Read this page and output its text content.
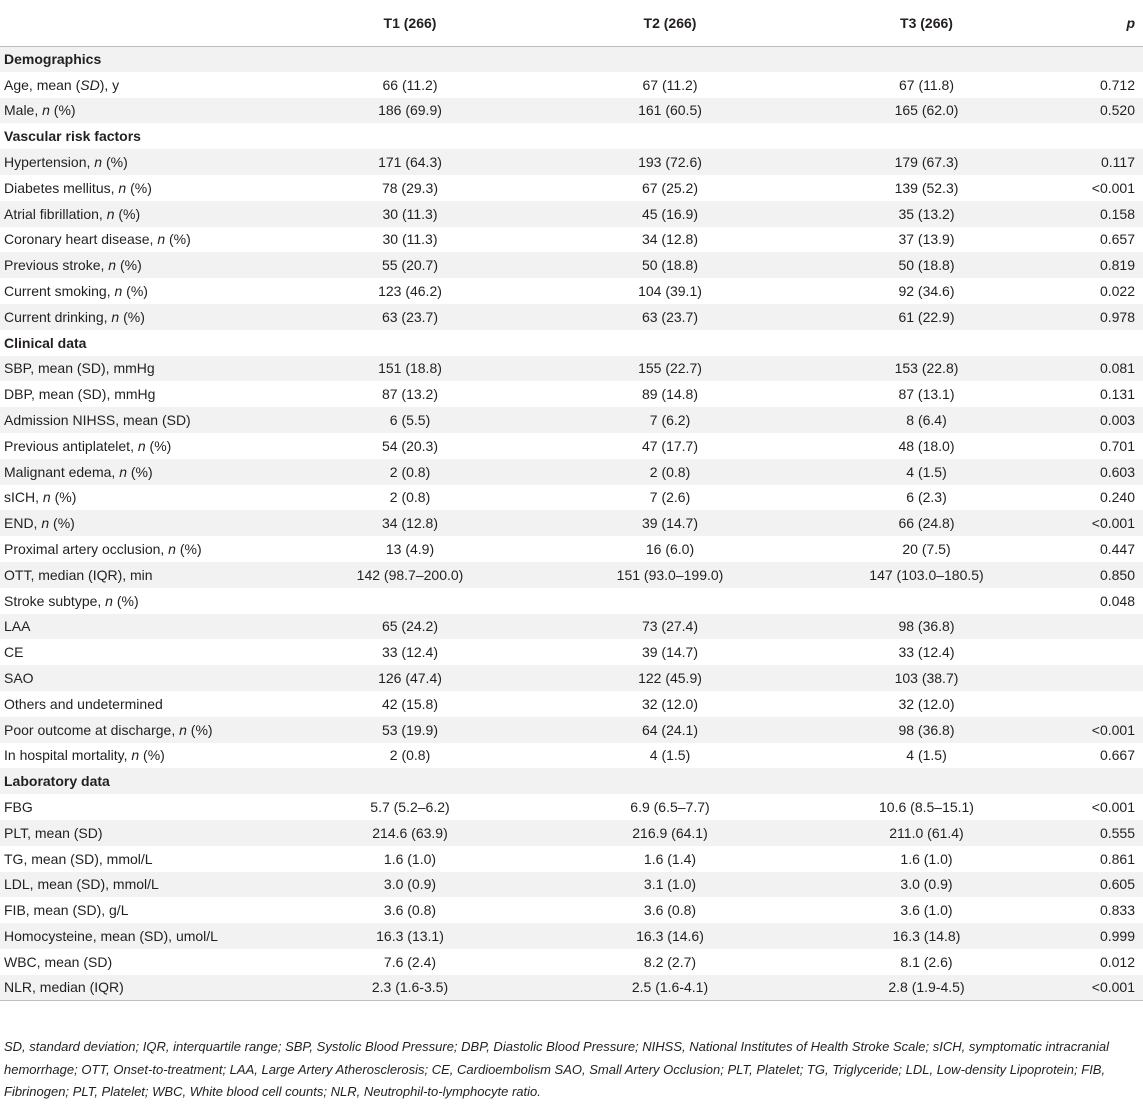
	T1 (266)	T2 (266)	T3 (266)	p
Demographics				
Age, mean (SD), y	66 (11.2)	67 (11.2)	67 (11.8)	0.712
Male, n (%)	186 (69.9)	161 (60.5)	165 (62.0)	0.520
Vascular risk factors				
Hypertension, n (%)	171 (64.3)	193 (72.6)	179 (67.3)	0.117
Diabetes mellitus, n (%)	78 (29.3)	67 (25.2)	139 (52.3)	<0.001
Atrial fibrillation, n (%)	30 (11.3)	45 (16.9)	35 (13.2)	0.158
Coronary heart disease, n (%)	30 (11.3)	34 (12.8)	37 (13.9)	0.657
Previous stroke, n (%)	55 (20.7)	50 (18.8)	50 (18.8)	0.819
Current smoking, n (%)	123 (46.2)	104 (39.1)	92 (34.6)	0.022
Current drinking, n (%)	63 (23.7)	63 (23.7)	61 (22.9)	0.978
Clinical data				
SBP, mean (SD), mmHg	151 (18.8)	155 (22.7)	153 (22.8)	0.081
DBP, mean (SD), mmHg	87 (13.2)	89 (14.8)	87 (13.1)	0.131
Admission NIHSS, mean (SD)	6 (5.5)	7 (6.2)	8 (6.4)	0.003
Previous antiplatelet, n (%)	54 (20.3)	47 (17.7)	48 (18.0)	0.701
Malignant edema, n (%)	2 (0.8)	2 (0.8)	4 (1.5)	0.603
sICH, n (%)	2 (0.8)	7 (2.6)	6 (2.3)	0.240
END, n (%)	34 (12.8)	39 (14.7)	66 (24.8)	<0.001
Proximal artery occlusion, n (%)	13 (4.9)	16 (6.0)	20 (7.5)	0.447
OTT, median (IQR), min	142 (98.7–200.0)	151 (93.0–199.0)	147 (103.0–180.5)	0.850
Stroke subtype, n (%)				0.048
LAA	65 (24.2)	73 (27.4)	98 (36.8)	
CE	33 (12.4)	39 (14.7)	33 (12.4)	
SAO	126 (47.4)	122 (45.9)	103 (38.7)	
Others and undetermined	42 (15.8)	32 (12.0)	32 (12.0)	
Poor outcome at discharge, n (%)	53 (19.9)	64 (24.1)	98 (36.8)	<0.001
In hospital mortality, n (%)	2 (0.8)	4 (1.5)	4 (1.5)	0.667
Laboratory data				
FBG	5.7 (5.2–6.2)	6.9 (6.5–7.7)	10.6 (8.5–15.1)	<0.001
PLT, mean (SD)	214.6 (63.9)	216.9 (64.1)	211.0 (61.4)	0.555
TG, mean (SD), mmol/L	1.6 (1.0)	1.6 (1.4)	1.6 (1.0)	0.861
LDL, mean (SD), mmol/L	3.0 (0.9)	3.1 (1.0)	3.0 (0.9)	0.605
FIB, mean (SD), g/L	3.6 (0.8)	3.6 (0.8)	3.6 (1.0)	0.833
Homocysteine, mean (SD), umol/L	16.3 (13.1)	16.3 (14.6)	16.3 (14.8)	0.999
WBC, mean (SD)	7.6 (2.4)	8.2 (2.7)	8.1 (2.6)	0.012
NLR, median (IQR)	2.3 (1.6-3.5)	2.5 (1.6-4.1)	2.8 (1.9-4.5)	<0.001

SD, standard deviation; IQR, interquartile range; SBP, Systolic Blood Pressure; DBP, Diastolic Blood Pressure; NIHSS, National Institutes of Health Stroke Scale; sICH, symptomatic intracranial hemorrhage; OTT, Onset-to-treatment; LAA, Large Artery Atherosclerosis; CE, Cardioembolism SAO, Small Artery Occlusion; PLT, Platelet; TG, Triglyceride; LDL, Low-density Lipoprotein; FIB, Fibrinogen; PLT, Platelet; WBC, White blood cell counts; NLR, Neutrophil-to-lymphocyte ratio.
